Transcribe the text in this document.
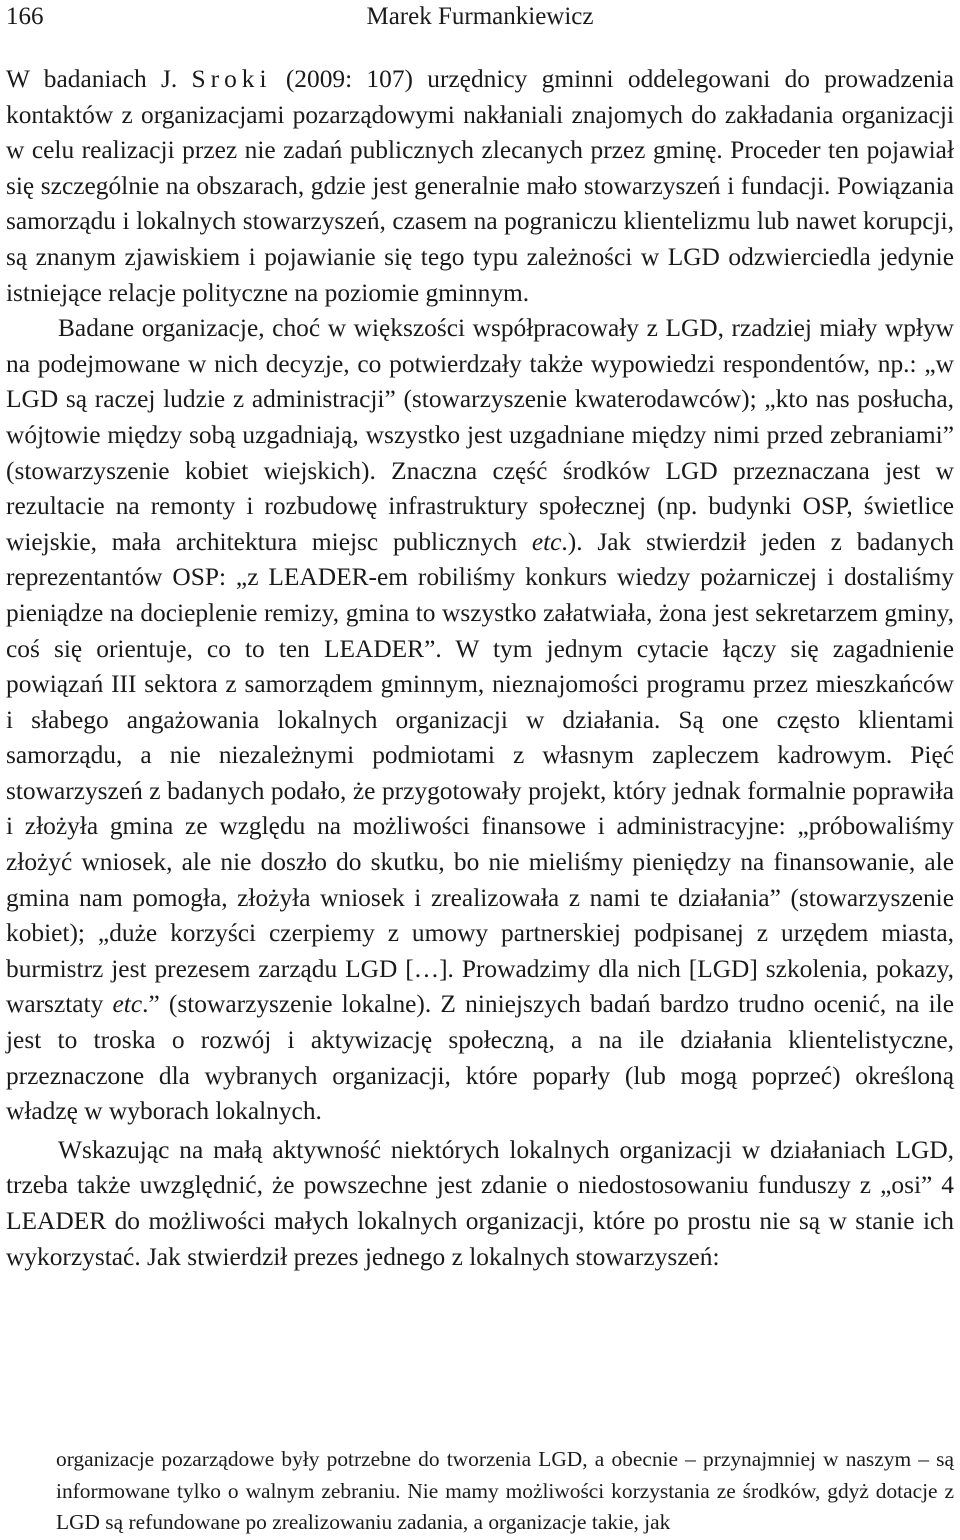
166	Marek Furmankiewicz

W badaniach J. Sroki (2009: 107) urzędnicy gminni oddelegowani do prowadzenia kontaktów z organizacjami pozarządowymi nakłaniali znajomych do zakładania organizacji w celu realizacji przez nie zadań publicznych zlecanych przez gminę. Proceder ten pojawiał się szczególnie na obszarach, gdzie jest generalnie mało stowarzyszeń i fundacji. Powiązania samorządu i lokalnych stowarzyszeń, czasem na pograniczu klientelizmu lub nawet korupcji, są znanym zjawiskiem i pojawianie się tego typu zależności w LGD odzwierciedla jedynie istniejące relacje polityczne na poziomie gminnym.

Badane organizacje, choć w większości współpracowały z LGD, rzadziej miały wpływ na podejmowane w nich decyzje, co potwierdzały także wypowiedzi respondentów, np.: „w LGD są raczej ludzie z administracji” (stowarzyszenie kwaterodawców); „kto nas posłucha, wójtowie między sobą uzgadniają, wszystko jest uzgadniane między nimi przed zebraniami” (stowarzyszenie kobiet wiejskich). Znaczna część środków LGD przeznaczana jest w rezultacie na remonty i rozbudowę infrastruktury społecznej (np. budynki OSP, świetlice wiejskie, mała architektura miejsc publicznych etc.). Jak stwierdził jeden z badanych reprezentantów OSP: „z LEADER-em robiliśmy konkurs wiedzy pożarniczej i dostaliśmy pieniądze na docieplenie remizy, gmina to wszystko załatwiała, żona jest sekretarzem gminy, coś się orientuje, co to ten LEADER”. W tym jednym cytacie łączy się zagadnienie powiązań III sektora z samorządem gminnym, nieznajomości programu przez mieszkańców i słabego angażowania lokalnych organizacji w działania. Są one często klientami samorządu, a nie niezależnymi podmiotami z własnym zapleczem kadrowym. Pięć stowarzyszeń z badanych podało, że przygotowały projekt, który jednak formalnie poprawiła i złożyła gmina ze względu na możliwości finansowe i administracyjne: „próbowaliśmy złożyć wniosek, ale nie doszło do skutku, bo nie mieliśmy pieniędzy na finansowanie, ale gmina nam pomogła, złożyła wniosek i zrealizowała z nami te działania” (stowarzyszenie kobiet); „duże korzyści czerpiemy z umowy partnerskiej podpisanej z urzędem miasta, burmistrz jest prezesem zarządu LGD […]. Prowadzimy dla nich [LGD] szkolenia, pokazy, warsztaty etc.” (stowarzyszenie lokalne). Z niniejszych badań bardzo trudno ocenić, na ile jest to troska o rozwój i aktywizację społeczną, a na ile działania klientelistyczne, przeznaczone dla wybranych organizacji, które poparły (lub mogą poprzeć) określoną władzę w wyborach lokalnych.

Wskazując na małą aktywność niektórych lokalnych organizacji w działaniach LGD, trzeba także uwzględnić, że powszechne jest zdanie o niedostosowaniu funduszy z „osi” 4 LEADER do możliwości małych lokalnych organizacji, które po prostu nie są w stanie ich wykorzystać. Jak stwierdził prezes jednego z lokalnych stowarzyszeń:

organizacje pozarządowe były potrzebne do tworzenia LGD, a obecnie – przynajmniej w naszym – są informowane tylko o walnym zebraniu. Nie mamy możliwości korzystania ze środków, gdyż dotacje z LGD są refundowane po zrealizowaniu zadania, a organizacje takie, jak
